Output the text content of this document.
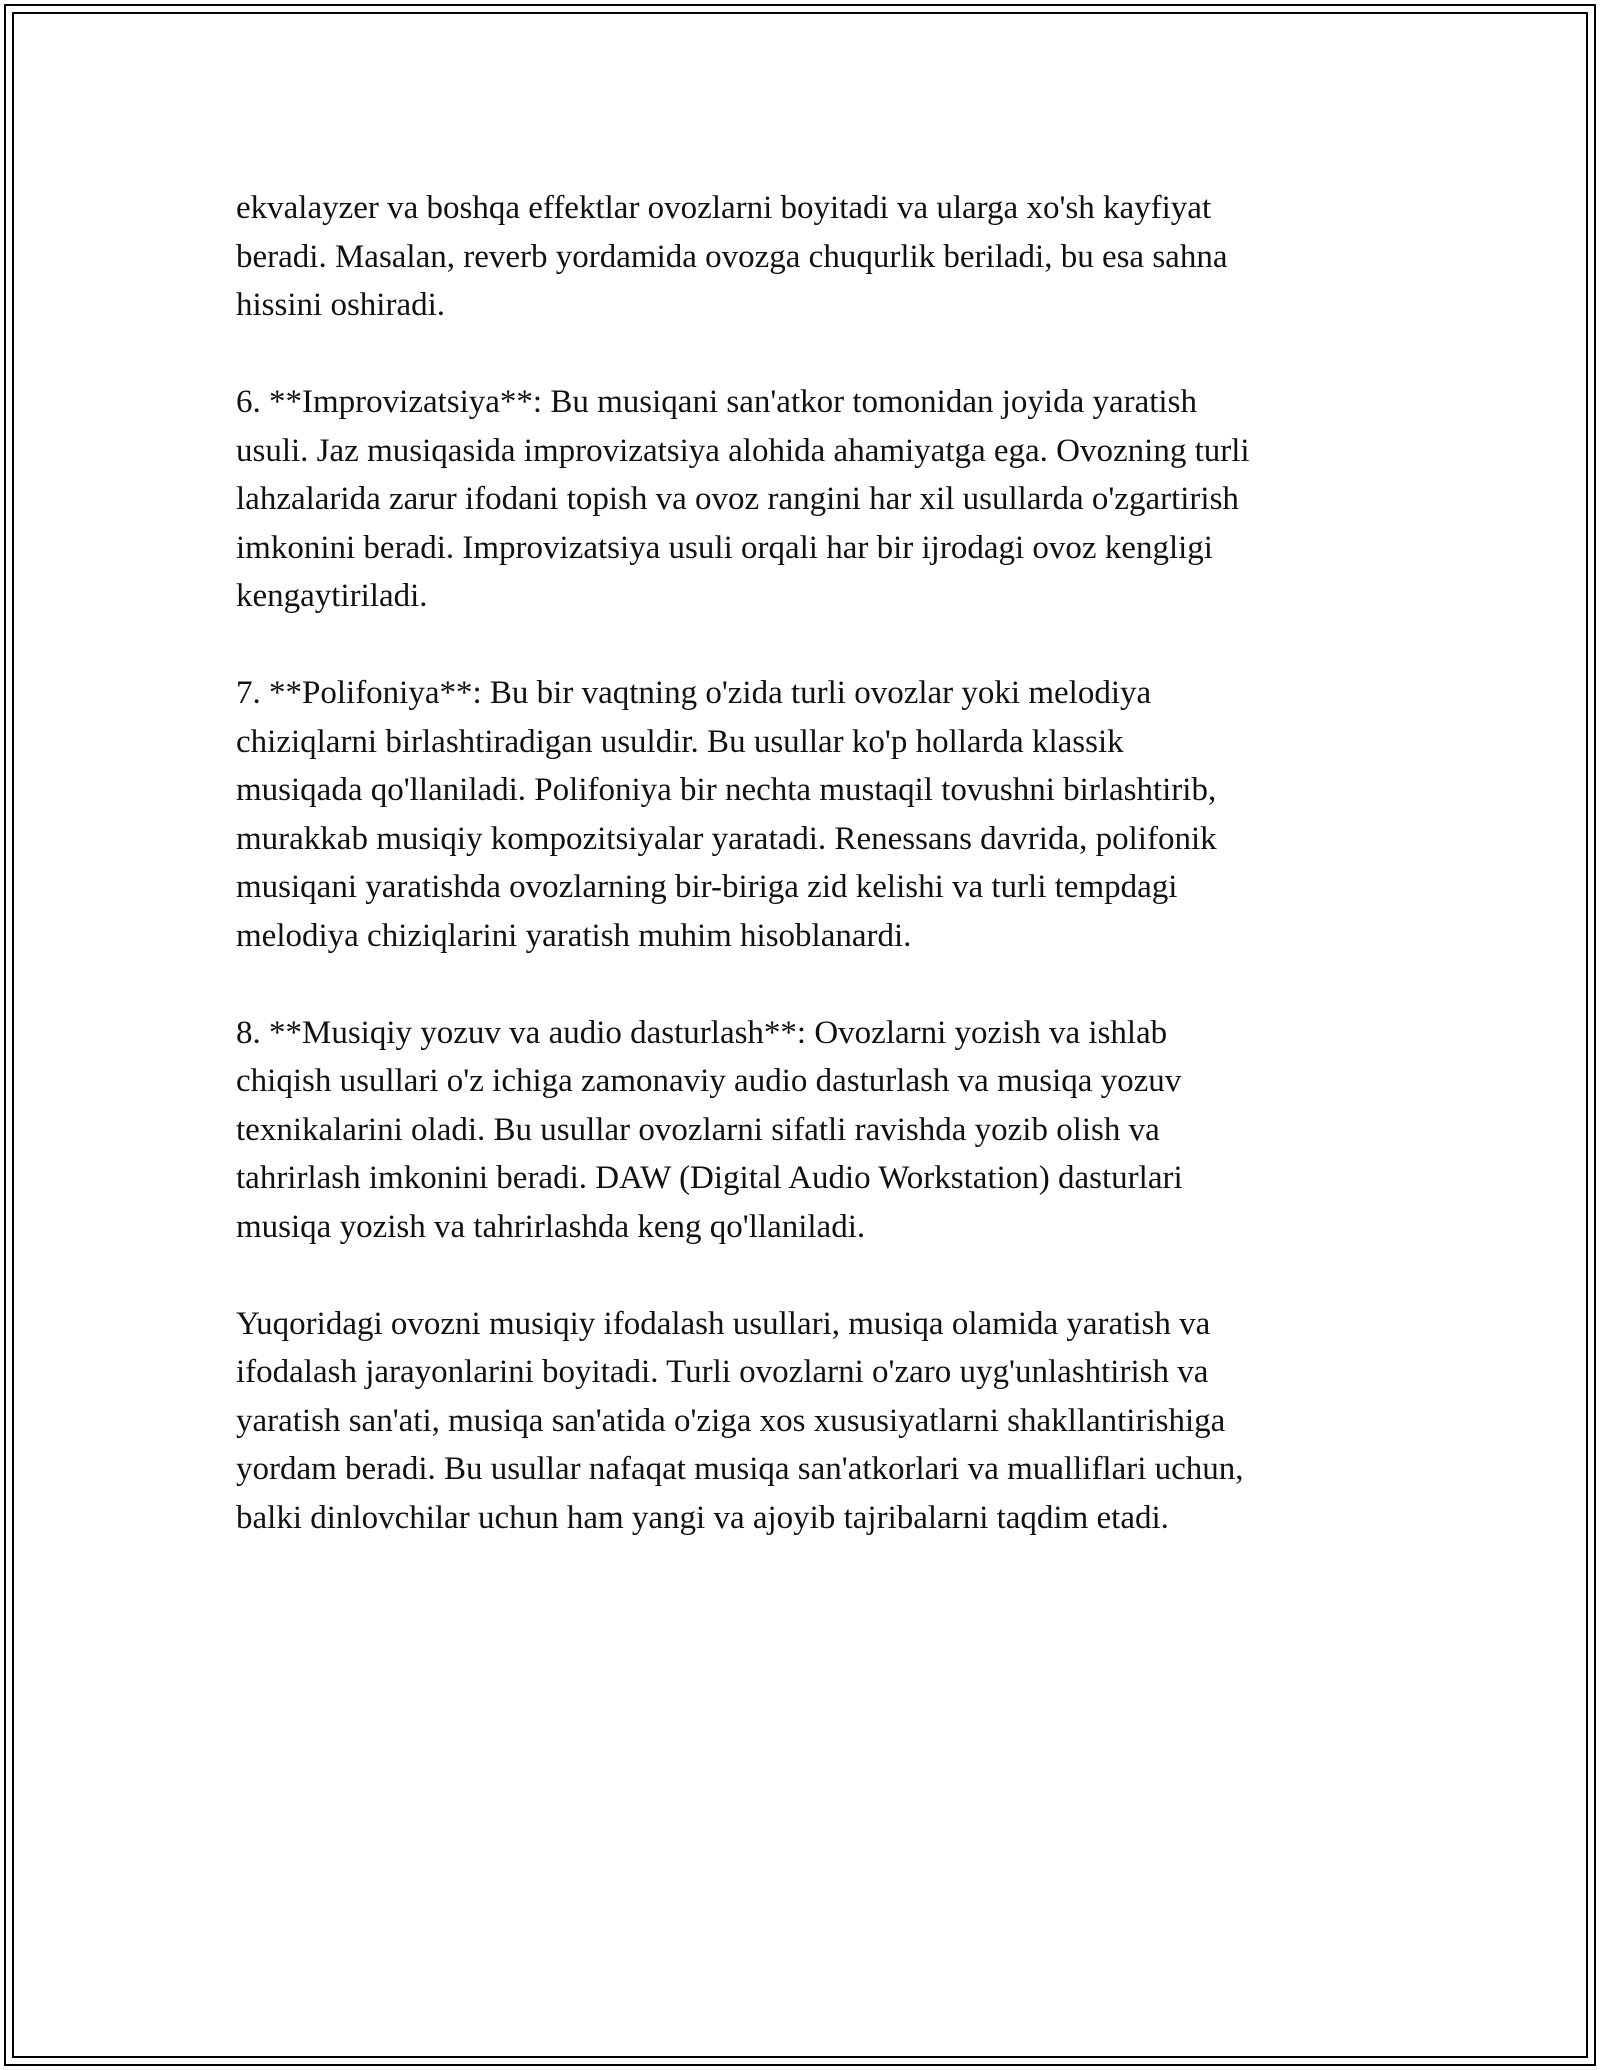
ekvalayzer va boshqa effektlar ovozlarni boyitadi va ularga xo'sh kayfiyat
beradi. Masalan, reverb yordamida ovozga chuqurlik beriladi, bu esa sahna
hissini oshiradi.

6. **Improvizatsiya**: Bu musiqani san'atkor tomonidan joyida yaratish
usuli. Jaz musiqasida improvizatsiya alohida ahamiyatga ega. Ovozning turli
lahzalarida zarur ifodani topish va ovoz rangini har xil usullarda o'zgartirish
imkonini beradi. Improvizatsiya usuli orqali har bir ijrodagi ovoz kengligi
kengaytiriladi.

7. **Polifoniya**: Bu bir vaqtning o'zida turli ovozlar yoki melodiya
chiziqlarni birlashtiradigan usuldir. Bu usullar ko'p hollarda klassik
musiqada qo'llaniladi. Polifoniya bir nechta mustaqil tovushni birlashtirib,
murakkab musiqiy kompozitsiyalar yaratadi. Renessans davrida, polifonik
musiqani yaratishda ovozlarning bir-biriga zid kelishi va turli tempdagi
melodiya chiziqlarini yaratish muhim hisoblanardi.

8. **Musiqiy yozuv va audio dasturlash**: Ovozlarni yozish va ishlab
chiqish usullari o'z ichiga zamonaviy audio dasturlash va musiqa yozuv
texnikalarini oladi. Bu usullar ovozlarni sifatli ravishda yozib olish va
tahrirlash imkonini beradi. DAW (Digital Audio Workstation) dasturlari
musiqa yozish va tahrirlashda keng qo'llaniladi.

Yuqoridagi ovozni musiqiy ifodalash usullari, musiqa olamida yaratish va
ifodalash jarayonlarini boyitadi. Turli ovozlarni o'zaro uyg'unlashtirish va
yaratish san'ati, musiqa san'atida o'ziga xos xususiyatlarni shakllantirishiga
yordam beradi. Bu usullar nafaqat musiqa san'atkorlari va mualliflari uchun,
balki dinlovchilar uchun ham yangi va ajoyib tajribalarni taqdim etadi.
